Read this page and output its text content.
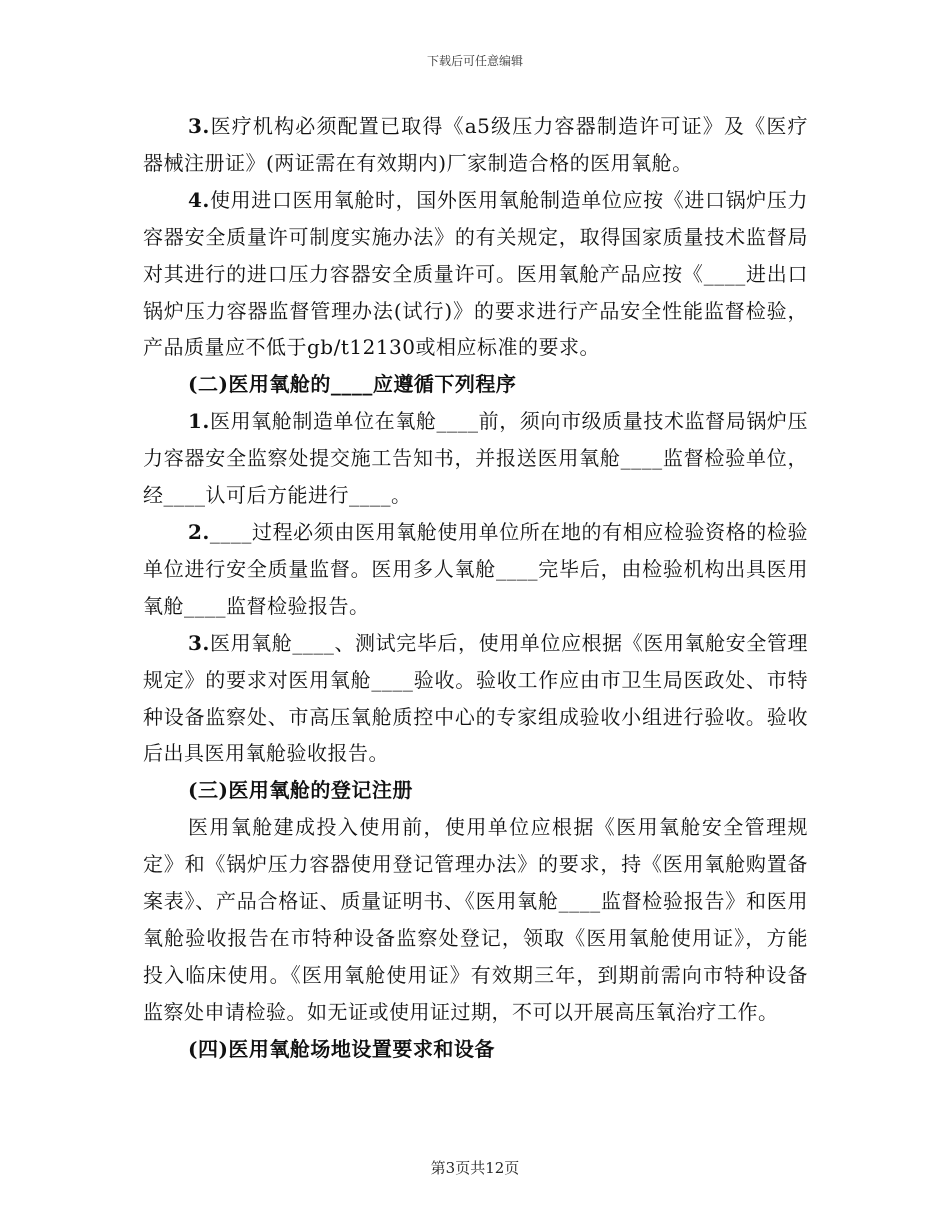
下载后可任意编辑

3.医疗机构必须配置已取得《a5级压力容器制造许可证》及《医疗器械注册证》(两证需在有效期内)厂家制造合格的医用氧舱。

4.使用进口医用氧舱时，国外医用氧舱制造单位应按《进口锅炉压力容器安全质量许可制度实施办法》的有关规定，取得国家质量技术监督局对其进行的进口压力容器安全质量许可。医用氧舱产品应按《____进出口锅炉压力容器监督管理办法(试行)》的要求进行产品安全性能监督检验，产品质量应不低于gb/t12130或相应标准的要求。

(二)医用氧舱的____应遵循下列程序

1.医用氧舱制造单位在氧舱____前，须向市级质量技术监督局锅炉压力容器安全监察处提交施工告知书，并报送医用氧舱____监督检验单位，经____认可后方能进行____。

2.____过程必须由医用氧舱使用单位所在地的有相应检验资格的检验单位进行安全质量监督。医用多人氧舱____完毕后，由检验机构出具医用氧舱____监督检验报告。

3.医用氧舱____、测试完毕后，使用单位应根据《医用氧舱安全管理规定》的要求对医用氧舱____验收。验收工作应由市卫生局医政处、市特种设备监察处、市高压氧舱质控中心的专家组成验收小组进行验收。验收后出具医用氧舱验收报告。

(三)医用氧舱的登记注册

医用氧舱建成投入使用前，使用单位应根据《医用氧舱安全管理规定》和《锅炉压力容器使用登记管理办法》的要求，持《医用氧舱购置备案表》、产品合格证、质量证明书、《医用氧舱____监督检验报告》和医用氧舱验收报告在市特种设备监察处登记，领取《医用氧舱使用证》，方能投入临床使用。《医用氧舱使用证》有效期三年，到期前需向市特种设备监察处申请检验。如无证或使用证过期，不可以开展高压氧治疗工作。

(四)医用氧舱场地设置要求和设备

第3页共12页
